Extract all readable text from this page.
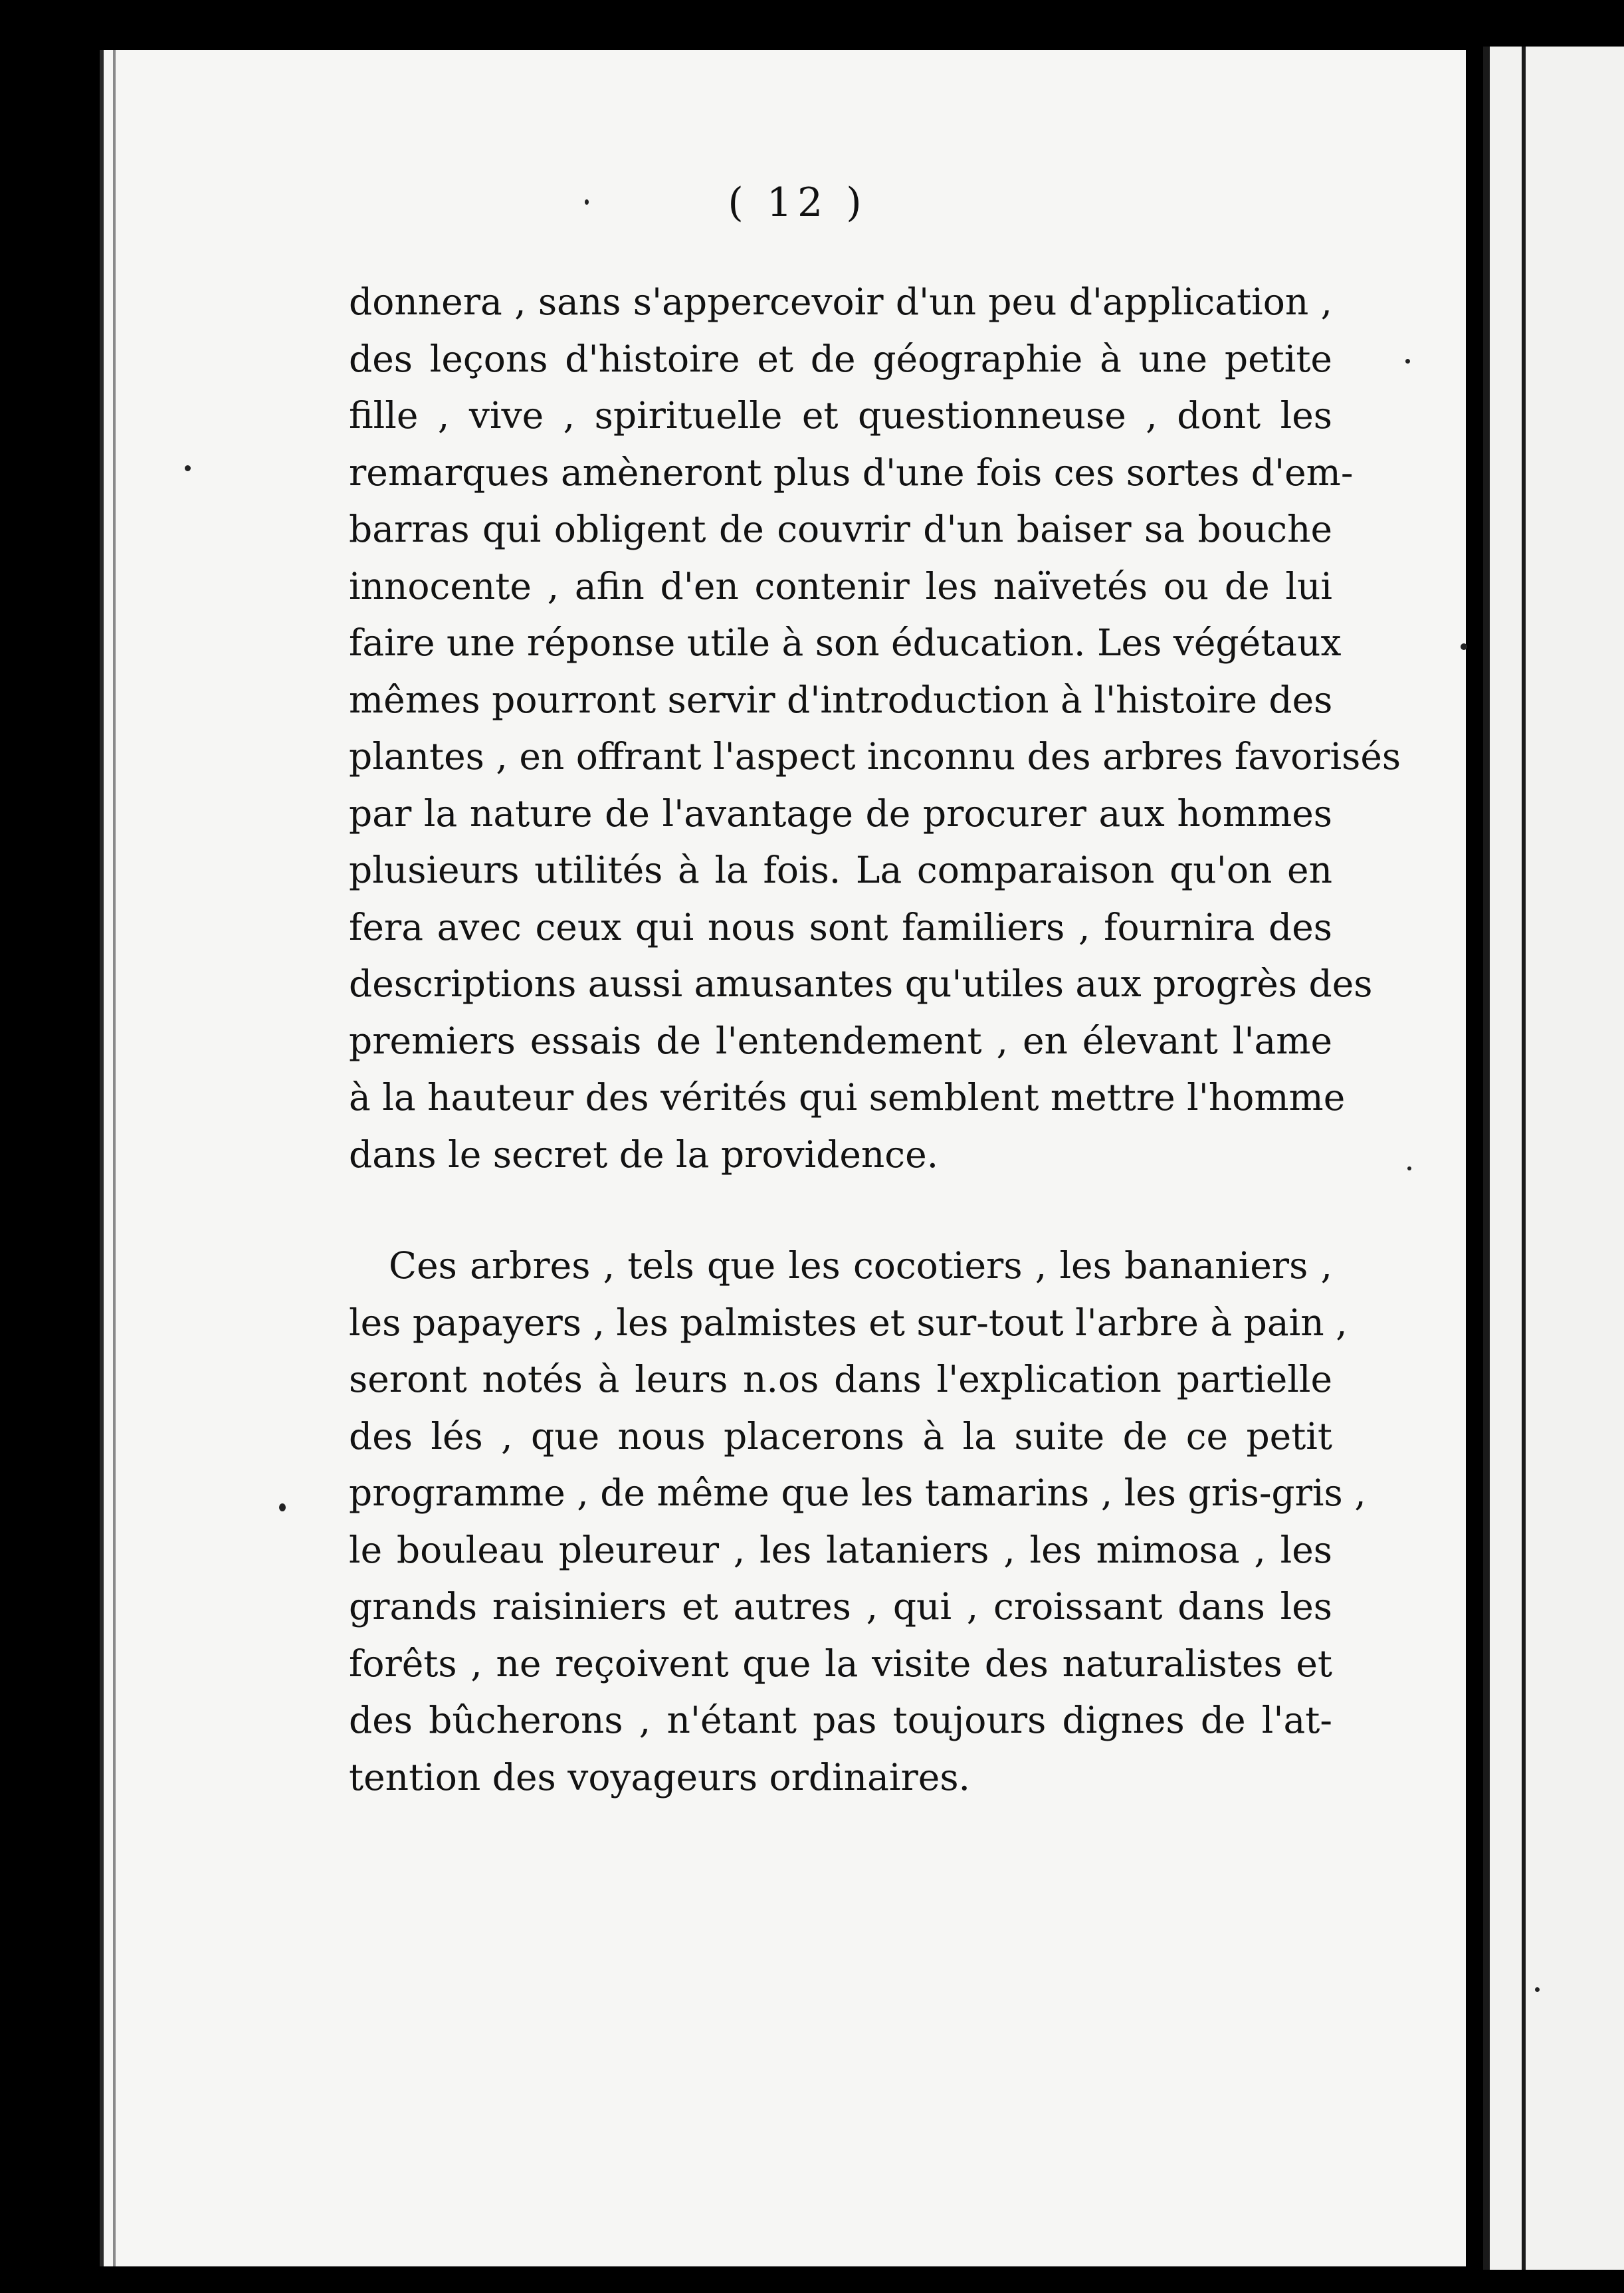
( 12 )
donnera , sans s'appercevoir d'un peu d'application ,
des leçons d'histoire et de géographie à une petite
fille , vive , spirituelle et questionneuse , dont les
remarques amèneront plus d'une fois ces sortes d'em-
barras qui obligent de couvrir d'un baiser sa bouche
innocente , afin d'en contenir les naïvetés ou de lui
faire une réponse utile à son éducation. Les végétaux
mêmes pourront servir d'introduction à l'histoire des
plantes , en offrant l'aspect inconnu des arbres favorisés
par la nature de l'avantage de procurer aux hommes
plusieurs utilités à la fois. La comparaison qu'on en
fera avec ceux qui nous sont familiers , fournira des
descriptions aussi amusantes qu'utiles aux progrès des
premiers essais de l'entendement , en élevant l'ame
à la hauteur des vérités qui semblent mettre l'homme
dans le secret de la providence.
Ces arbres , tels que les cocotiers , les bananiers ,
les papayers , les palmistes et sur-tout l'arbre à pain ,
seront notés à leurs n.os dans l'explication partielle
des lés , que nous placerons à la suite de ce petit
programme , de même que les tamarins , les gris-gris ,
le bouleau pleureur , les lataniers , les mimosa , les
grands raisiniers et autres , qui , croissant dans les
forêts , ne reçoivent que la visite des naturalistes et
des bûcherons , n'étant pas toujours dignes de l'at-
tention des voyageurs ordinaires.
